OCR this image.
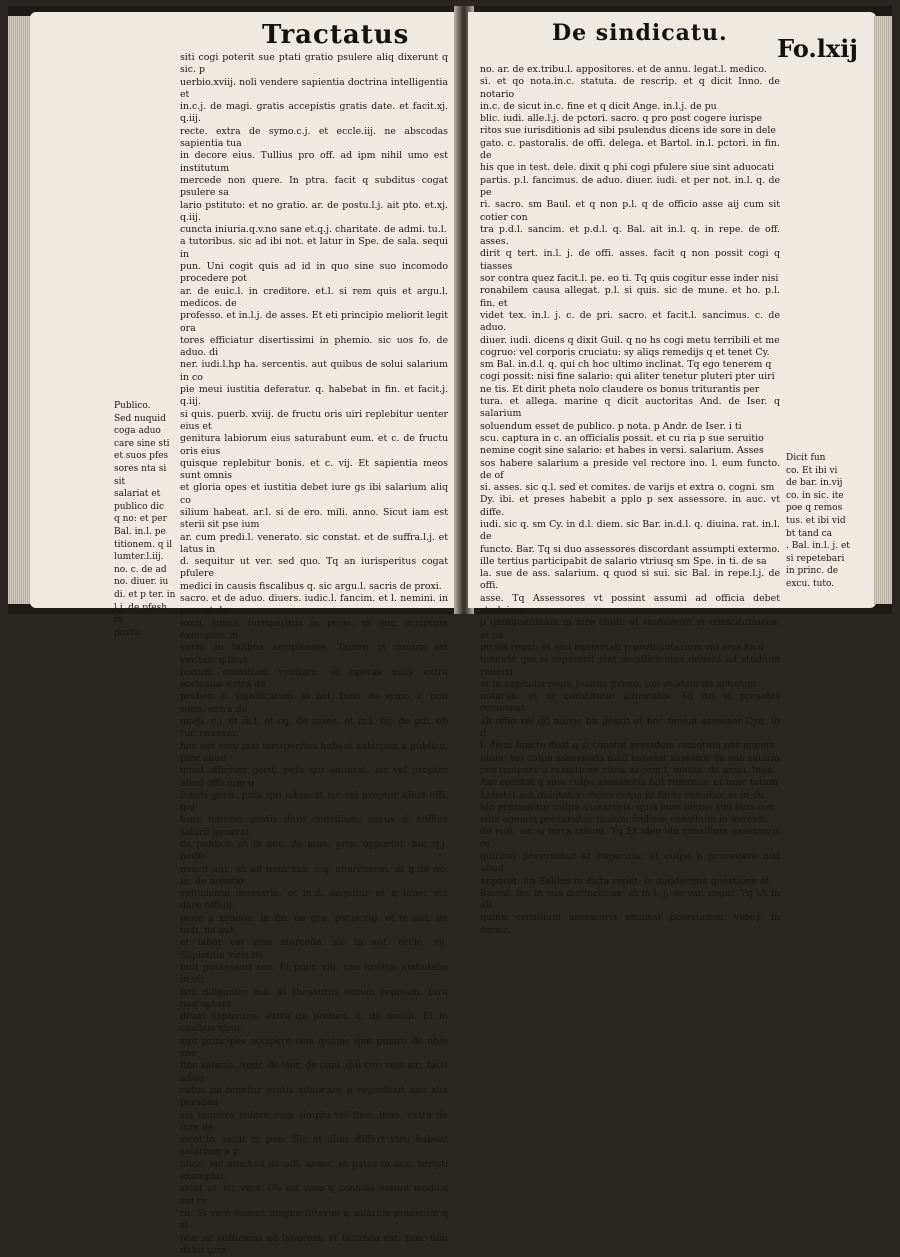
Tractatus
siti cogi poterit sue ptati gratio psulere aliq dixerunt q sic. p
uerbio.xviij. noli vendere sapientia doctrina intelligentia et
in.c.j. de magi. gratis accepistis gratis date. et facit.xj. q.iij.
recte. extra de symo.c.j. et eccle.iij. ne abscodas sapientia tua
in decore eius. Tullius pro off. ad ipm nihil umo est institutum
mercede non quere. In ptra. facit q subditus cogat psulere sa
lario pstituto: et no gratio. ar. de postu.l.j. ait pto. et.xj. q.iij.
cuncta iniuria.q.v.no sane et.q.j. charitate. de admi. tu.l.
a tutoribus. sic ad ibi not. et latur in Spe. de sala. sequi in
pun. Uni cogit quis ad id in quo sine suo incomodo procedere pot
ar. de euic.l. in creditore. et.l. si rem quis et argu.l. medicos. de
professo. et in.l.j. de asses. Et eti principio meliorit legit ora
tores efficiatur disertissimi in phemio. sic uos fo. de aduo. di
ner. iudi.l.hp ha. sercentis. aut quibus de solui salarium in co
pie meui iustitia deferatur. q. habebat in fin. et facit.j. q.iij.
si quis. puerb. xviij. de fructu oris uiri replebitur uenter eius et
genitura labiorum eius saturabunt eum. et c. de fructu oris eius
quisque replebitur bonis. et c. vij. Et sapientia meos sunt omnis
et gloria opes et iustitia debet iure gs ibi salarium aliq co
silium habeat. ar.l. si de ero. mili. anno. Sicut iam est sterii sit pse ium
ar. cum predi.l. venerato. sic constat. et de suffra.l.j. et latus in
d. sequitur ut ver. sed quo. Tq an iurisperitus cogat pfulere
medici in causis fiscalibus q. sic argu.l. sacris de proxi.
sacro. et de aduo. diuers. iudic.l. fancim. et l. nemini. in pun. et de
excu. tuto.l. iurisperitus in princ. in auc. scriptum exemplar. in
versi. in talibus accipientes. Tamen in contra est veritas: q licet
iustum consilium vendere: et operas suas extra ecclesiae extra de
preben. c. significatum. et not. Inno. de symo. c. non satis. extra de
magi. c.j. et in.l. et cq. de asses. et in.l. iiij. de pdi. ob tur. causam.
hoc est vero nisi iurisperitus habeat salarium a publico, pter aliud
quod officium gerit: puta qui aduocat. sic vel propter aliud officium q
functi gerit: puta qui aduocat sic vel propter aliud offi: qui
tunc tenetur gratis dare consilium: secus si nullius salarii generat
de publico. et in auc. de man. prin. opportet. hoc q.j. hodie
noscit auc. et ad nota xxx. c.q. charitatem. et q.ibi no. in. de notario
sufficiente inuetaria. et in.d. sequitur et q labor est dare offiuij.
bene a xenone. in fin. de gra. psciscrip. et in aut. de iudi. ne aut.
et labor est sine mercede. sic in aut. eccle. vij. Sapientia viris tri
buit possessori suo. Et puer. viij. uno iustitie ambulabo in vii
ism diligentes me. et thesauros eorum repleam. tura naq optant
ditari sapientes. extra de preben. c. de multa. Et in casibus qbus
sipt principes accipere rem quauis ipm puiare de ubio sno
fine salario. Andr. de iser. de capi. qui cur. vem sic. facit aduo
catus no tenetur gratis aduocare p regesficut nec alia persona
sia munera subire cum simplu vel fine. Inno. extra de iure da
sicut.lo. sicut in pun. Sic et alias differt vtru habeat salarium a p
blico. vel non.l.sil de offi. asses. et pater in auc. scripti exemplar.
sicut et. sic vers. Ob est vero q consilia essent modica vel ra
ra. Si vero essent magne litterae q salarius publicum q si
non sit sufficiens ad laborem: et facunda est: tunc non dabit gris
Publico.
Sed nuquid
coga aduo
care sine sti
et suos pfes
sores nta si sit
salariat et
publico dic
q no: et per
Bal. in.l. pe
titionem. q il
lumter.l.iij.
no. c. de ad
no. diuer. iu
di. et p ter. in
l.j. de pfesh. in
postu.
De sindicatu.
Fo.lxij
no. ar. de ex.tribu.l. appositores. et de annu. legat.l. medico.
si. et qo nota.in.c. statuta. de rescrip. et q dicit Inno. de notario
in.c. de sicut in.c. fine et q dicit Ange. in.l.j. de pu
blic. iudi. alle.l.j. de pctori. sacro. q pro post cogere iurispe
ritos sue iurisditionis ad sibi psulendus dicens ide sore in dele
gato. c. pastoralis. de offi. delega. et Bartol. in.l. pctori. in fin. de
his que in test. dele. dixit q phi cogi pfulere siue sint aduocati
partis. p.l. fancimus. de aduo. diuer. iudi. et per not. in.l. q. de pe
ri. sacro. sm Baul. et q non p.l. q de officio asse aij cum sit cotier con
tra p.d.l. sancim. et p.d.l. q. Bal. ait in.l. q. in repe. de off. asses.
dirit q tert. in.l. j. de offi. asses. facit q non possit cogi q tiasses
sor contra quez facit.l. pe. eo ti. Tq quis cogitur esse inder nisi
ronabilem causa allegat. p.l. si quis. sic de mune. et ho. p.l. fin. et
videt tex. in.l. j. c. de pri. sacro. et facit.l. sancimus. c. de aduo.
diuer. iudi. dicens q dixit Guil. q no hs cogi metu terribili et me
cogruo: vel corporis cruciatu: sy aliqs remedijs q et tenet Cy.
sm Bal. in.d.l. q. qui ch hoc ultimo inclinat. Tq ego tenerem q
cogi possit: nisi fine salario: qui aliter tenetur pluteri pter uiri
ne tis. Et dirit pheta nolo claudere os bonus triturantis per
tura. et allega. marine q dicit auctoritas And. de Iser. q salarium
soluendum esset de publico. p nota. p Andr. de Iser. i ti
scu. captura in c. an officialis possit. et cu ria p sue seruitio
nemine cogit sine salario: et habes in versi. salarium. Asses
sos habere salarium a preside vel rectore ino. l. eum functo. de of
si. asses. sic q.l. sed et comites. de varijs et extra o. cogni. sm
Dy. ibi. et preses habebit a pplo p sex assessore. in auc. vt diffe.
iudi. sic q. sm Cy. in d.l. diem. sic Bar. in.d.l. q. diuina. rat. in.l. de
functo. Bar. Tq si duo assessores discordant assumpti extermo.
ille tertius participabit de salario vtriusq sm Spe. in ti. de sa
la. sue de ass. salarium. q quod si sui. sic Bal. in repe.l.j. de offi.
asse. Tq Assessores vt possint assumi ad officia debet studuisse
p quinquennium in iure ciuili: et studuerint et constitutiones: et ca
pitula regni: et sint examinati p protonotarium vel eius locu
tenente qui si repererit sint insufficientes debent ad studium reuerti
et in capitulis regie Joanne primo: ubi et idem de actorum
notarijs. et in constitutio adnocatis. Tq An si presides removeat
ab offio vel qd minus bn gessit et hoc teneat assessor Cyn. in d.
l. diem functo dixit q si constat presidem remotum per imperi
nium: vel culpa assessoris nihil habebit assessor de suo salario
pro tempore a remotione citra. argum.l. menia. de annu. lega.
Aut constat q sine culpa assessoris fuit remotus: et tunc totum
habebit aut dubitatur: cuius culpa fit facta remotio: et in du
bio presumitur culpa assessoris: quia eum omnis sim eius con
silio agenda presumitur malum dedisse consilium in aurenti.
de iudi. sic si terra colum. Tq Et ideo vbi consilium assessoris re
quiritur presumitur et imperitia: et culpa p procedere nisi aliud
apparet: ita Baldus in dicta repet. in duodecima questione et
Bartol. ibi. in sua distinctione. et in.l. j. de var. cogni. Tq Ut in ali
quinn consilium assessoris excusat potestatem. vide.j. in versic.
Dicit fun
co. Et ibi vi
de bar. in.vij
co. in sic. ite
poe q remos
tus. et ibi vid
bt tand ca
. Bal. in.l. j. et
si repetebari
in princ. de
excu. tuto.
